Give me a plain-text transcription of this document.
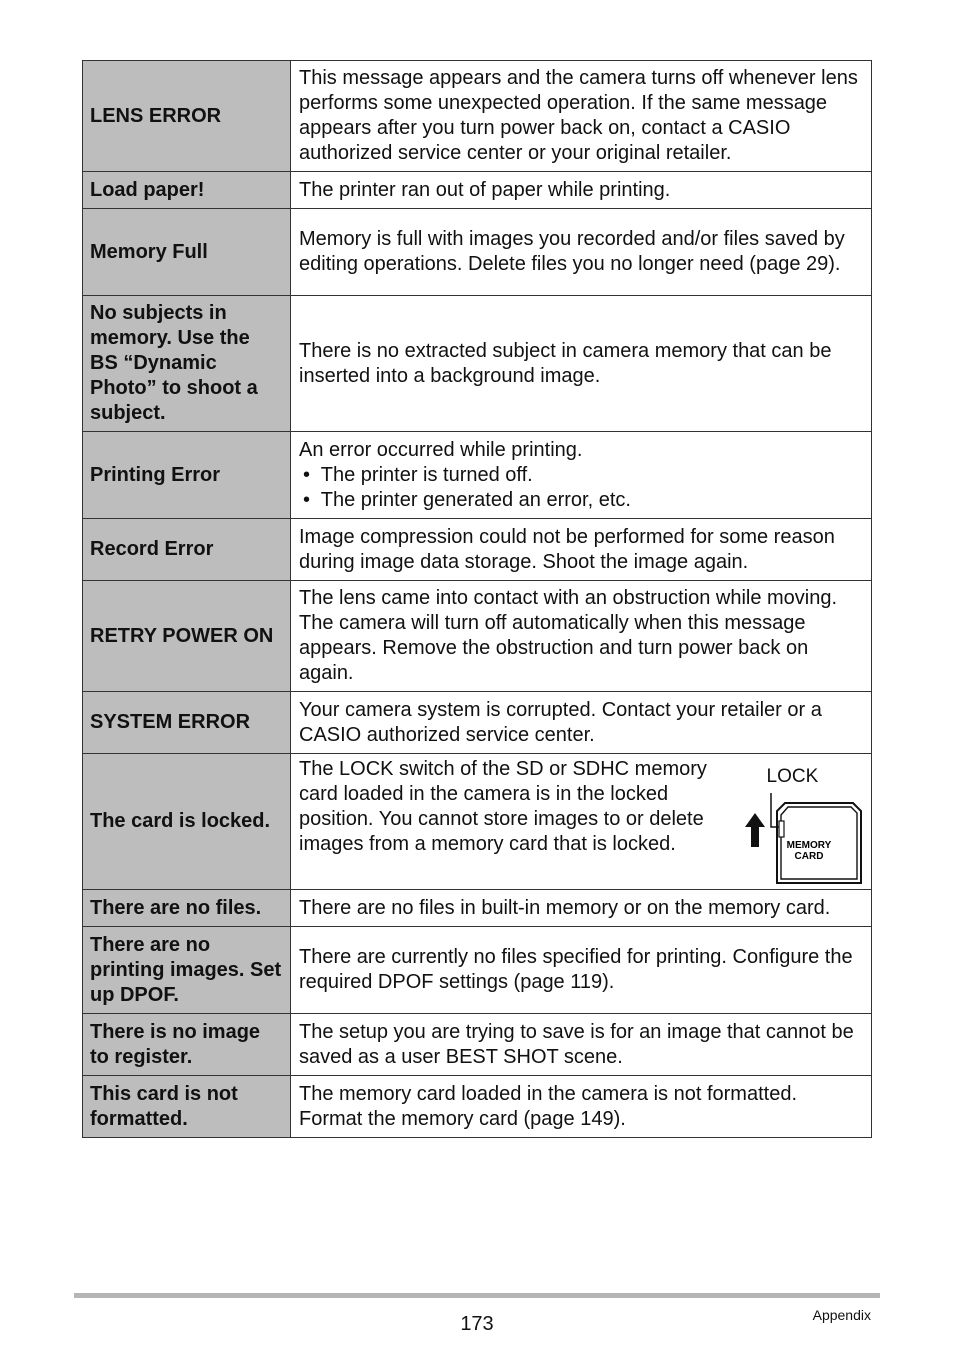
LENS ERROR	This message appears and the camera turns off whenever lens performs some unexpected operation. If the same message appears after you turn power back on, contact a CASIO authorized service center or your original retailer.
Load paper!	The printer ran out of paper while printing.
Memory Full	Memory is full with images you recorded and/or files saved by editing operations. Delete files you no longer need (page 29).
No subjects in memory. Use the BS “Dynamic Photo” to shoot a subject.	There is no extracted subject in camera memory that can be inserted into a background image.
Printing Error	An error occurred while printing.
•  The printer is turned off.
•  The printer generated an error, etc.

Record Error	Image compression could not be performed for some reason during image data storage. Shoot the image again.
RETRY POWER ON	The lens came into contact with an obstruction while moving. The camera will turn off automatically when this message appears. Remove the obstruction and turn power back on again.
SYSTEM ERROR	Your camera system is corrupted. Contact your retailer or a CASIO authorized service center.
The card is locked.	The LOCK switch of the SD or SDHC memory card loaded in the camera is in the locked position. You cannot store images to or delete images from a memory card that is locked.
LOCK
MEMORY
CARD

There are no files.	There are no files in built-in memory or on the memory card.
There are no printing images. Set up DPOF.	There are currently no files specified for printing. Configure the required DPOF settings (page 119).
There is no image to register.	The setup you are trying to save is for an image that cannot be saved as a user BEST SHOT scene.
This card is not formatted.	The memory card loaded in the camera is not formatted. Format the memory card (page 149).
173	Appendix
